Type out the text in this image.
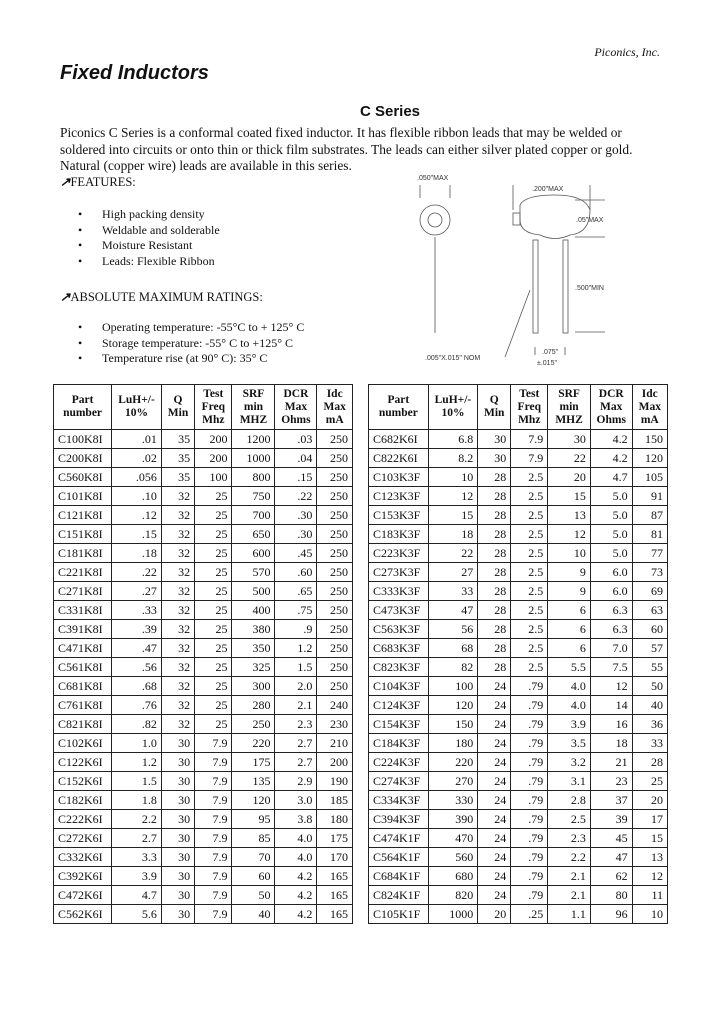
Piconics, Inc.
Fixed Inductors
C Series
Piconics C Series is a conformal coated fixed inductor. It has flexible ribbon leads that may be welded or soldered into circuits or onto thin or thick film substrates. The leads can either silver plated copper or gold. Natural (copper wire) leads are available in this series.
↗FEATURES:
• High packing density
• Weldable and solderable
• Moisture Resistant
• Leads: Flexible Ribbon
↗ABSOLUTE MAXIMUM RATINGS:
• Operating temperature: -55°C to + 125° C
• Storage temperature: -55° C to +125° C
• Temperature rise (at 90° C): 35° C
.050"MAX
.200"MAX
.05"MAX
.500"MIN
.005"X.015" NOM
.075"
±.015"
Part number	LuH+/- 10%	Q Min	Test Freq Mhz	SRF min MHZ	DCR Max Ohms	Idc Max mA
C100K8I	.01	35	200	1200	.03	250
C200K8I	.02	35	200	1000	.04	250
C560K8I	.056	35	100	800	.15	250
C101K8I	.10	32	25	750	.22	250
C121K8I	.12	32	25	700	.30	250
C151K8I	.15	32	25	650	.30	250
C181K8I	.18	32	25	600	.45	250
C221K8I	.22	32	25	570	.60	250
C271K8I	.27	32	25	500	.65	250
C331K8I	.33	32	25	400	.75	250
C391K8I	.39	32	25	380	.9	250
C471K8I	.47	32	25	350	1.2	250
C561K8I	.56	32	25	325	1.5	250
C681K8I	.68	32	25	300	2.0	250
C761K8I	.76	32	25	280	2.1	240
C821K8I	.82	32	25	250	2.3	230
C102K6I	1.0	30	7.9	220	2.7	210
C122K6I	1.2	30	7.9	175	2.7	200
C152K6I	1.5	30	7.9	135	2.9	190
C182K6I	1.8	30	7.9	120	3.0	185
C222K6I	2.2	30	7.9	95	3.8	180
C272K6I	2.7	30	7.9	85	4.0	175
C332K6I	3.3	30	7.9	70	4.0	170
C392K6I	3.9	30	7.9	60	4.2	165
C472K6I	4.7	30	7.9	50	4.2	165
C562K6I	5.6	30	7.9	40	4.2	165
Part number	LuH+/- 10%	Q Min	Test Freq Mhz	SRF min MHZ	DCR Max Ohms	Idc Max mA
C682K6I	6.8	30	7.9	30	4.2	150
C822K6I	8.2	30	7.9	22	4.2	120
C103K3F	10	28	2.5	20	4.7	105
C123K3F	12	28	2.5	15	5.0	91
C153K3F	15	28	2.5	13	5.0	87
C183K3F	18	28	2.5	12	5.0	81
C223K3F	22	28	2.5	10	5.0	77
C273K3F	27	28	2.5	9	6.0	73
C333K3F	33	28	2.5	9	6.0	69
C473K3F	47	28	2.5	6	6.3	63
C563K3F	56	28	2.5	6	6.3	60
C683K3F	68	28	2.5	6	7.0	57
C823K3F	82	28	2.5	5.5	7.5	55
C104K3F	100	24	.79	4.0	12	50
C124K3F	120	24	.79	4.0	14	40
C154K3F	150	24	.79	3.9	16	36
C184K3F	180	24	.79	3.5	18	33
C224K3F	220	24	.79	3.2	21	28
C274K3F	270	24	.79	3.1	23	25
C334K3F	330	24	.79	2.8	37	20
C394K3F	390	24	.79	2.5	39	17
C474K1F	470	24	.79	2.3	45	15
C564K1F	560	24	.79	2.2	47	13
C684K1F	680	24	.79	2.1	62	12
C824K1F	820	24	.79	2.1	80	11
C105K1F	1000	20	.25	1.1	96	10
